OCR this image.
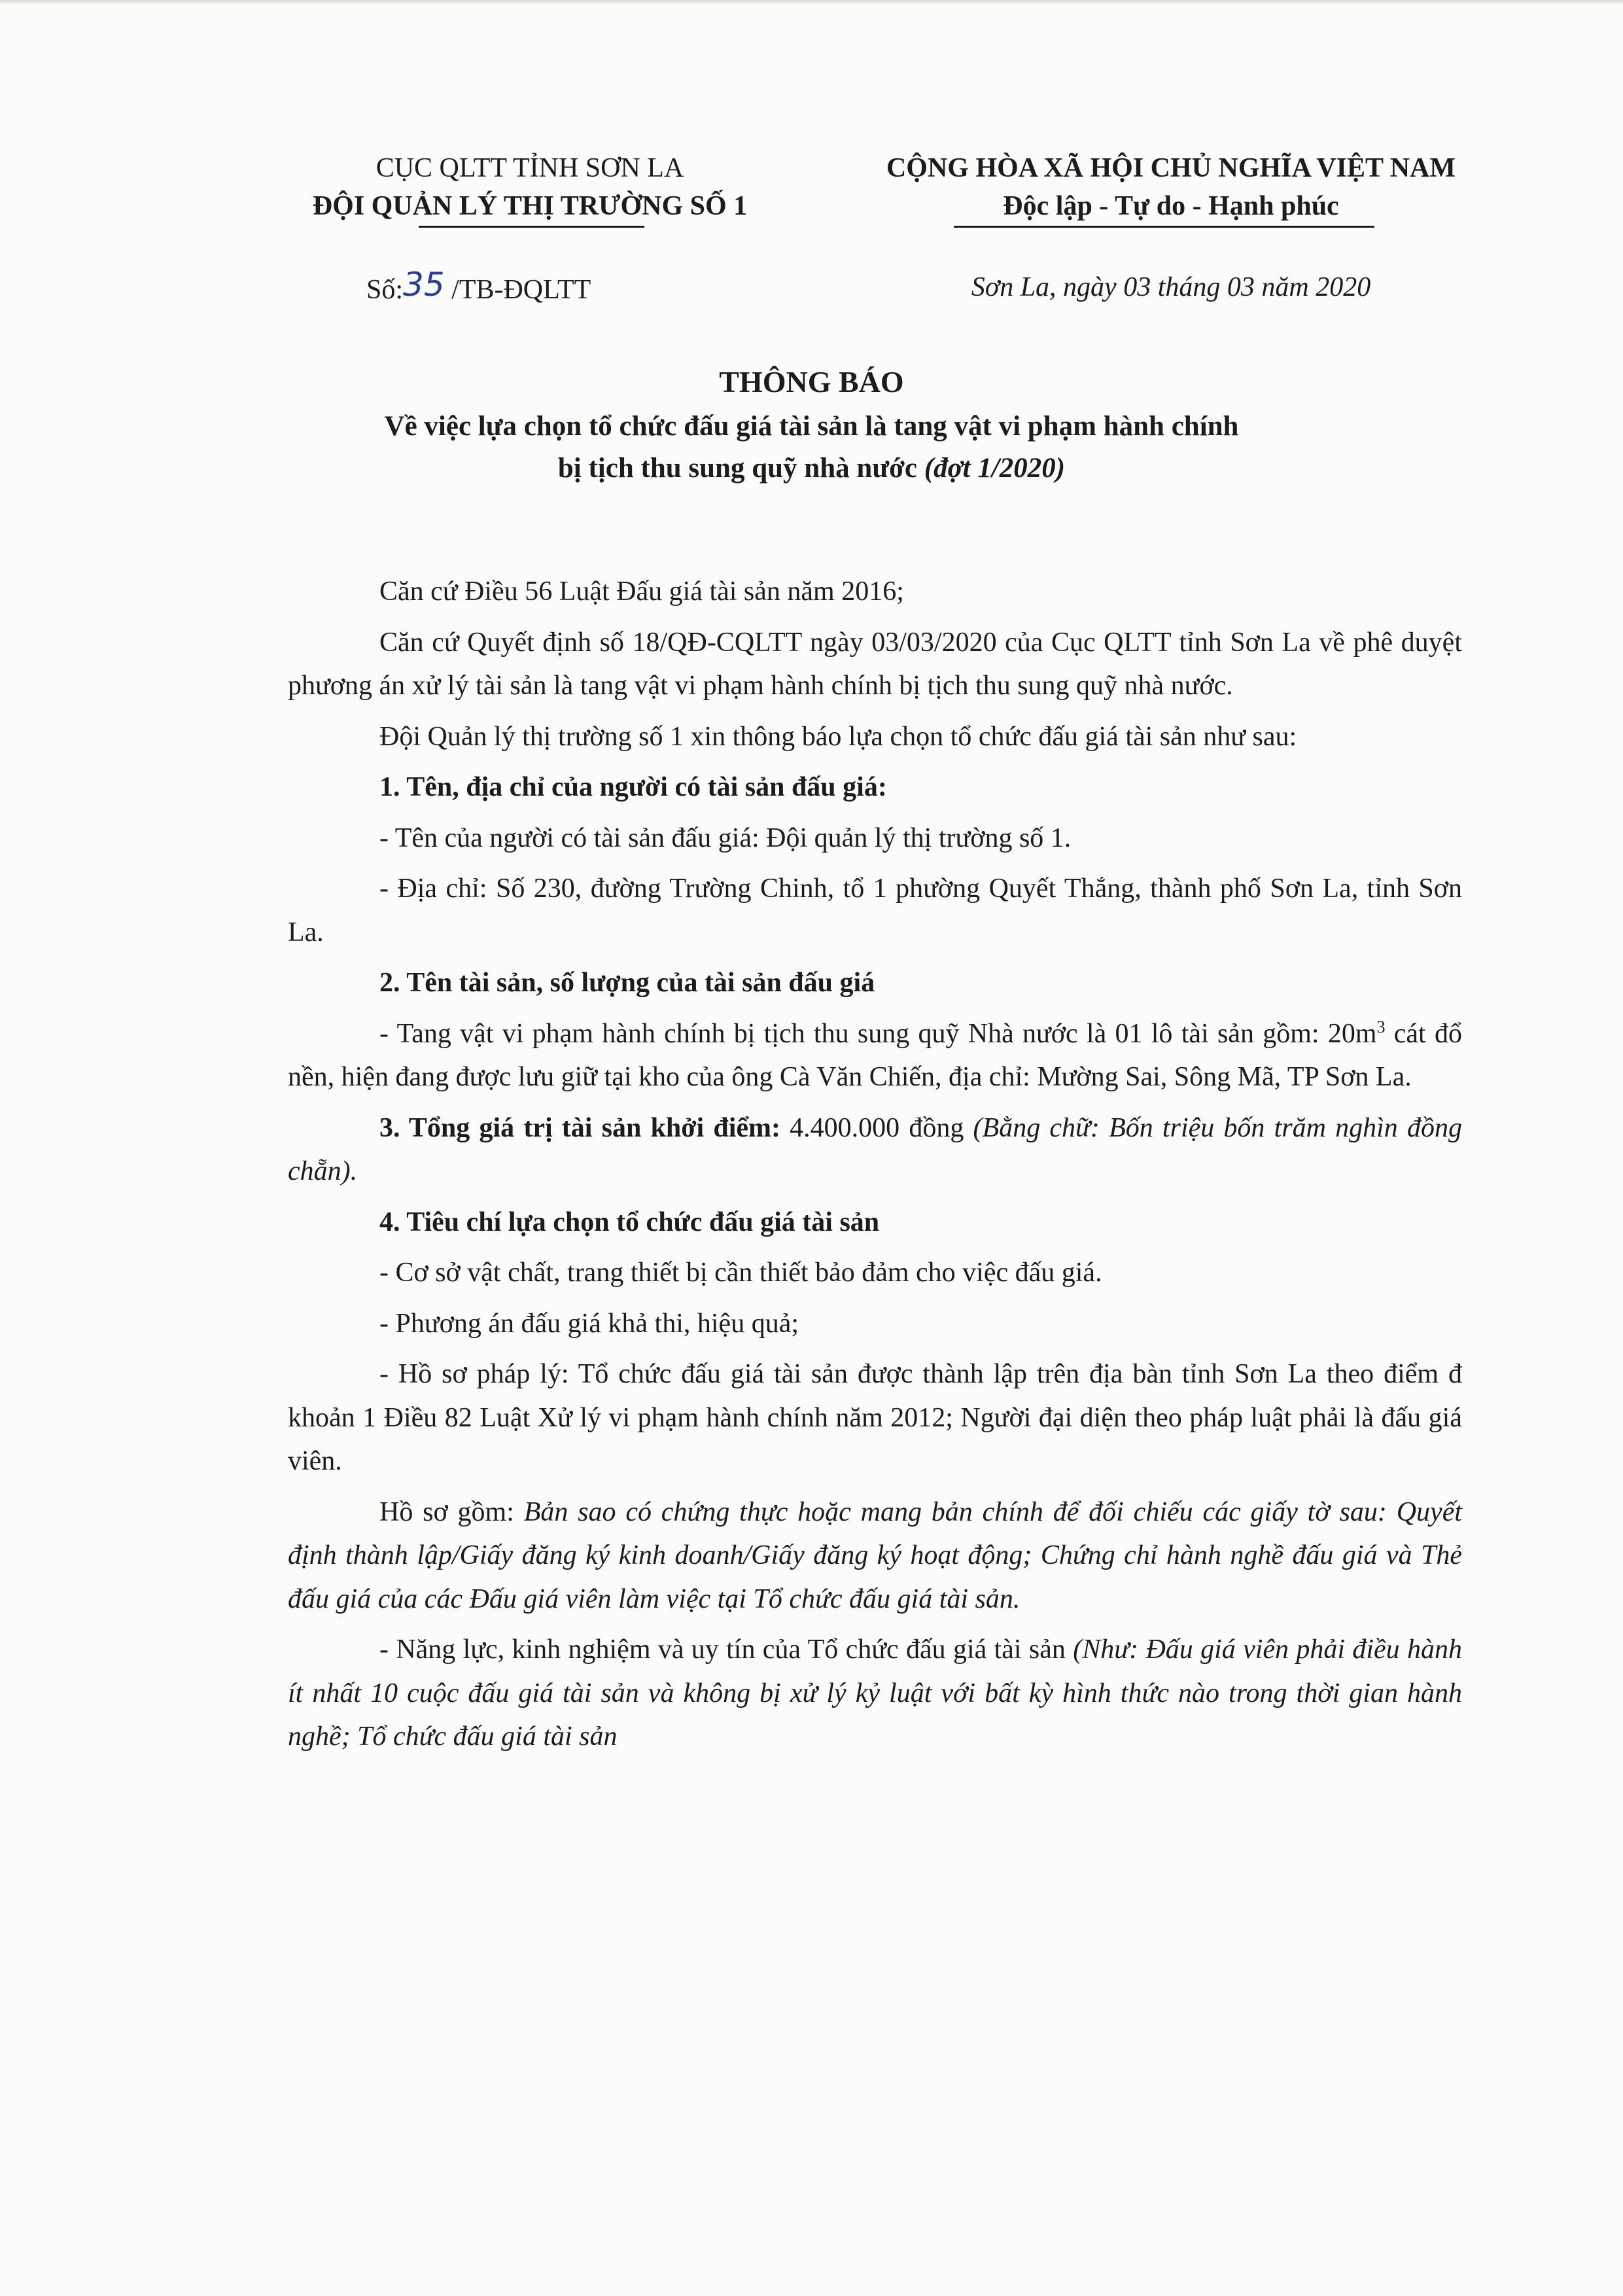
CỤC QLTT TỈNH SƠN LA
ĐỘI QUẢN LÝ THỊ TRƯỜNG SỐ 1
CỘNG HÒA XÃ HỘI CHỦ NGHĨA VIỆT NAM
Độc lập - Tự do - Hạnh phúc
Số:35 /TB-ĐQLTT	Sơn La, ngày 03 tháng 03 năm 2020
THÔNG BÁO
Về việc lựa chọn tổ chức đấu giá tài sản là tang vật vi phạm hành chính
bị tịch thu sung quỹ nhà nước (đợt 1/2020)

Căn cứ Điều 56 Luật Đấu giá tài sản năm 2016;

Căn cứ Quyết định số 18/QĐ-CQLTT ngày 03/03/2020 của Cục QLTT tỉnh Sơn La về phê duyệt phương án xử lý tài sản là tang vật vi phạm hành chính bị tịch thu sung quỹ nhà nước.

Đội Quản lý thị trường số 1 xin thông báo lựa chọn tổ chức đấu giá tài sản như sau:

1. Tên, địa chỉ của người có tài sản đấu giá:

- Tên của người có tài sản đấu giá: Đội quản lý thị trường số 1.

- Địa chỉ: Số 230, đường Trường Chinh, tổ 1 phường Quyết Thắng, thành phố Sơn La, tỉnh Sơn La.

2. Tên tài sản, số lượng của tài sản đấu giá

- Tang vật vi phạm hành chính bị tịch thu sung quỹ Nhà nước là 01 lô tài sản gồm: $20m^3$ cát đổ nền, hiện đang được lưu giữ tại kho của ông Cà Văn Chiến, địa chỉ: Mường Sai, Sông Mã, TP Sơn La.

3. Tổng giá trị tài sản khởi điểm: 4.400.000 đồng (Bằng chữ: Bốn triệu bốn trăm nghìn đồng chẵn).

4. Tiêu chí lựa chọn tổ chức đấu giá tài sản

- Cơ sở vật chất, trang thiết bị cần thiết bảo đảm cho việc đấu giá.

- Phương án đấu giá khả thi, hiệu quả;

- Hồ sơ pháp lý: Tổ chức đấu giá tài sản được thành lập trên địa bàn tỉnh Sơn La theo điểm đ khoản 1 Điều 82 Luật Xử lý vi phạm hành chính năm 2012; Người đại diện theo pháp luật phải là đấu giá viên.

Hồ sơ gồm: Bản sao có chứng thực hoặc mang bản chính để đối chiếu các giấy tờ sau: Quyết định thành lập/Giấy đăng ký kinh doanh/Giấy đăng ký hoạt động; Chứng chỉ hành nghề đấu giá và Thẻ đấu giá của các Đấu giá viên làm việc tại Tổ chức đấu giá tài sản.

- Năng lực, kinh nghiệm và uy tín của Tổ chức đấu giá tài sản (Như: Đấu giá viên phải điều hành ít nhất 10 cuộc đấu giá tài sản và không bị xử lý kỷ luật với bất kỳ hình thức nào trong thời gian hành nghề; Tổ chức đấu giá tài sản
